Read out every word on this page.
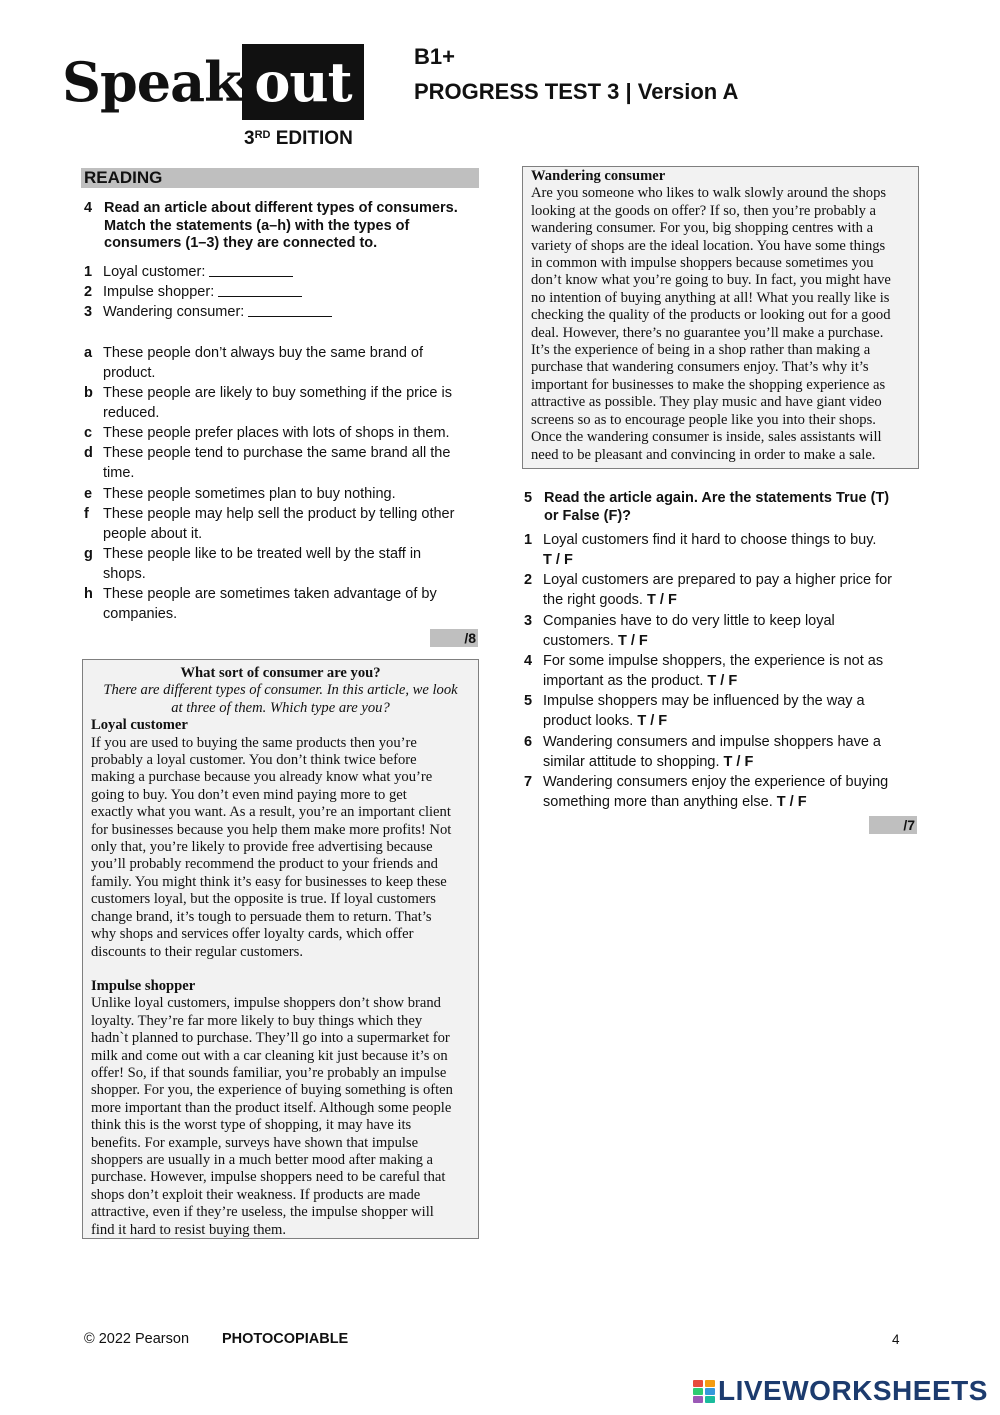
Speak out
3RD EDITION
B1+
PROGRESS TEST 3 | Version A
READING
4 Read an article about different types of consumers.
Match the statements (a–h) with the types of
consumers (1–3) they are connected to.
1 Loyal customer:
2 Impulse shopper:
3 Wandering consumer:
a These people don’t always buy the same brand of
product.
b These people are likely to buy something if the price is
reduced.
c These people prefer places with lots of shops in them.
d These people tend to purchase the same brand all the
time.
e These people sometimes plan to buy nothing.
f These people may help sell the product by telling other
people about it.
g These people like to be treated well by the staff in
shops.
h These people are sometimes taken advantage of by
companies.
/8

What sort of consumer are you?

There are different types of consumer. In this article, we look

at three of them. Which type are you?

Loyal customer

If you are used to buying the same products then you’re

probably a loyal customer. You don’t think twice before

making a purchase because you already know what you’re

going to buy. You don’t even mind paying more to get

exactly what you want. As a result, you’re an important client

for businesses because you help them make more profits! Not

only that, you’re likely to provide free advertising because

you’ll probably recommend the product to your friends and

family. You might think it’s easy for businesses to keep these

customers loyal, but the opposite is true. If loyal customers

change brand, it’s tough to persuade them to return. That’s

why shops and services offer loyalty cards, which offer

discounts to their regular customers.

Impulse shopper

Unlike loyal customers, impulse shoppers don’t show brand

loyalty. They’re far more likely to buy things which they

hadn`t planned to purchase. They’ll go into a supermarket for

milk and come out with a car cleaning kit just because it’s on

offer! So, if that sounds familiar, you’re probably an impulse

shopper. For you, the experience of buying something is often

more important than the product itself. Although some people

think this is the worst type of shopping, it may have its

benefits. For example, surveys have shown that impulse

shoppers are usually in a much better mood after making a

purchase. However, impulse shoppers need to be careful that

shops don’t exploit their weakness. If products are made

attractive, even if they’re useless, the impulse shopper will

find it hard to resist buying them.

Wandering consumer

Are you someone who likes to walk slowly around the shops

looking at the goods on offer? If so, then you’re probably a

wandering consumer. For you, big shopping centres with a

variety of shops are the ideal location. You have some things

in common with impulse shoppers because sometimes you

don’t know what you’re going to buy. In fact, you might have

no intention of buying anything at all! What you really like is

checking the quality of the products or looking out for a good

deal. However, there’s no guarantee you’ll make a purchase.

It’s the experience of being in a shop rather than making a

purchase that wandering consumers enjoy. That’s why it’s

important for businesses to make the shopping experience as

attractive as possible. They play music and have giant video

screens so as to encourage people like you into their shops.

Once the wandering consumer is inside, sales assistants will

need to be pleasant and convincing in order to make a sale.

5 Read the article again. Are the statements True (T)
or False (F)?
1 Loyal customers find it hard to choose things to buy.
T / F
2 Loyal customers are prepared to pay a higher price for
the right goods. T / F
3 Companies have to do very little to keep loyal
customers. T / F
4 For some impulse shoppers, the experience is not as
important as the product. T / F
5 Impulse shoppers may be influenced by the way a
product looks. T / F
6 Wandering consumers and impulse shoppers have a
similar attitude to shopping. T / F
7 Wandering consumers enjoy the experience of buying
something more than anything else. T / F
/7
© 2022 Pearson PHOTOCOPIABLE	4
LIVEWORKSHEETS
